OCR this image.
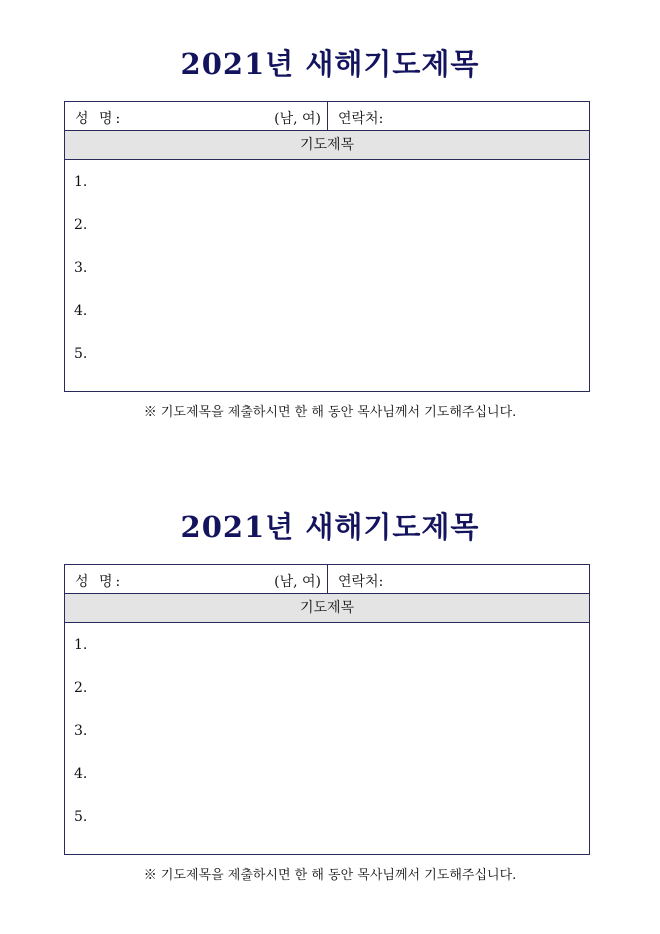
2021년 새해기도제목
성 명:	(남, 여) 연락처:
기도제목
1.
2.
3.
4.
5.
※ 기도제목을 제출하시면 한 해 동안 목사님께서 기도해주십니다.
2021년 새해기도제목
성 명:	(남, 여) 연락처:
기도제목
1.
2.
3.
4.
5.
※ 기도제목을 제출하시면 한 해 동안 목사님께서 기도해주십니다.
